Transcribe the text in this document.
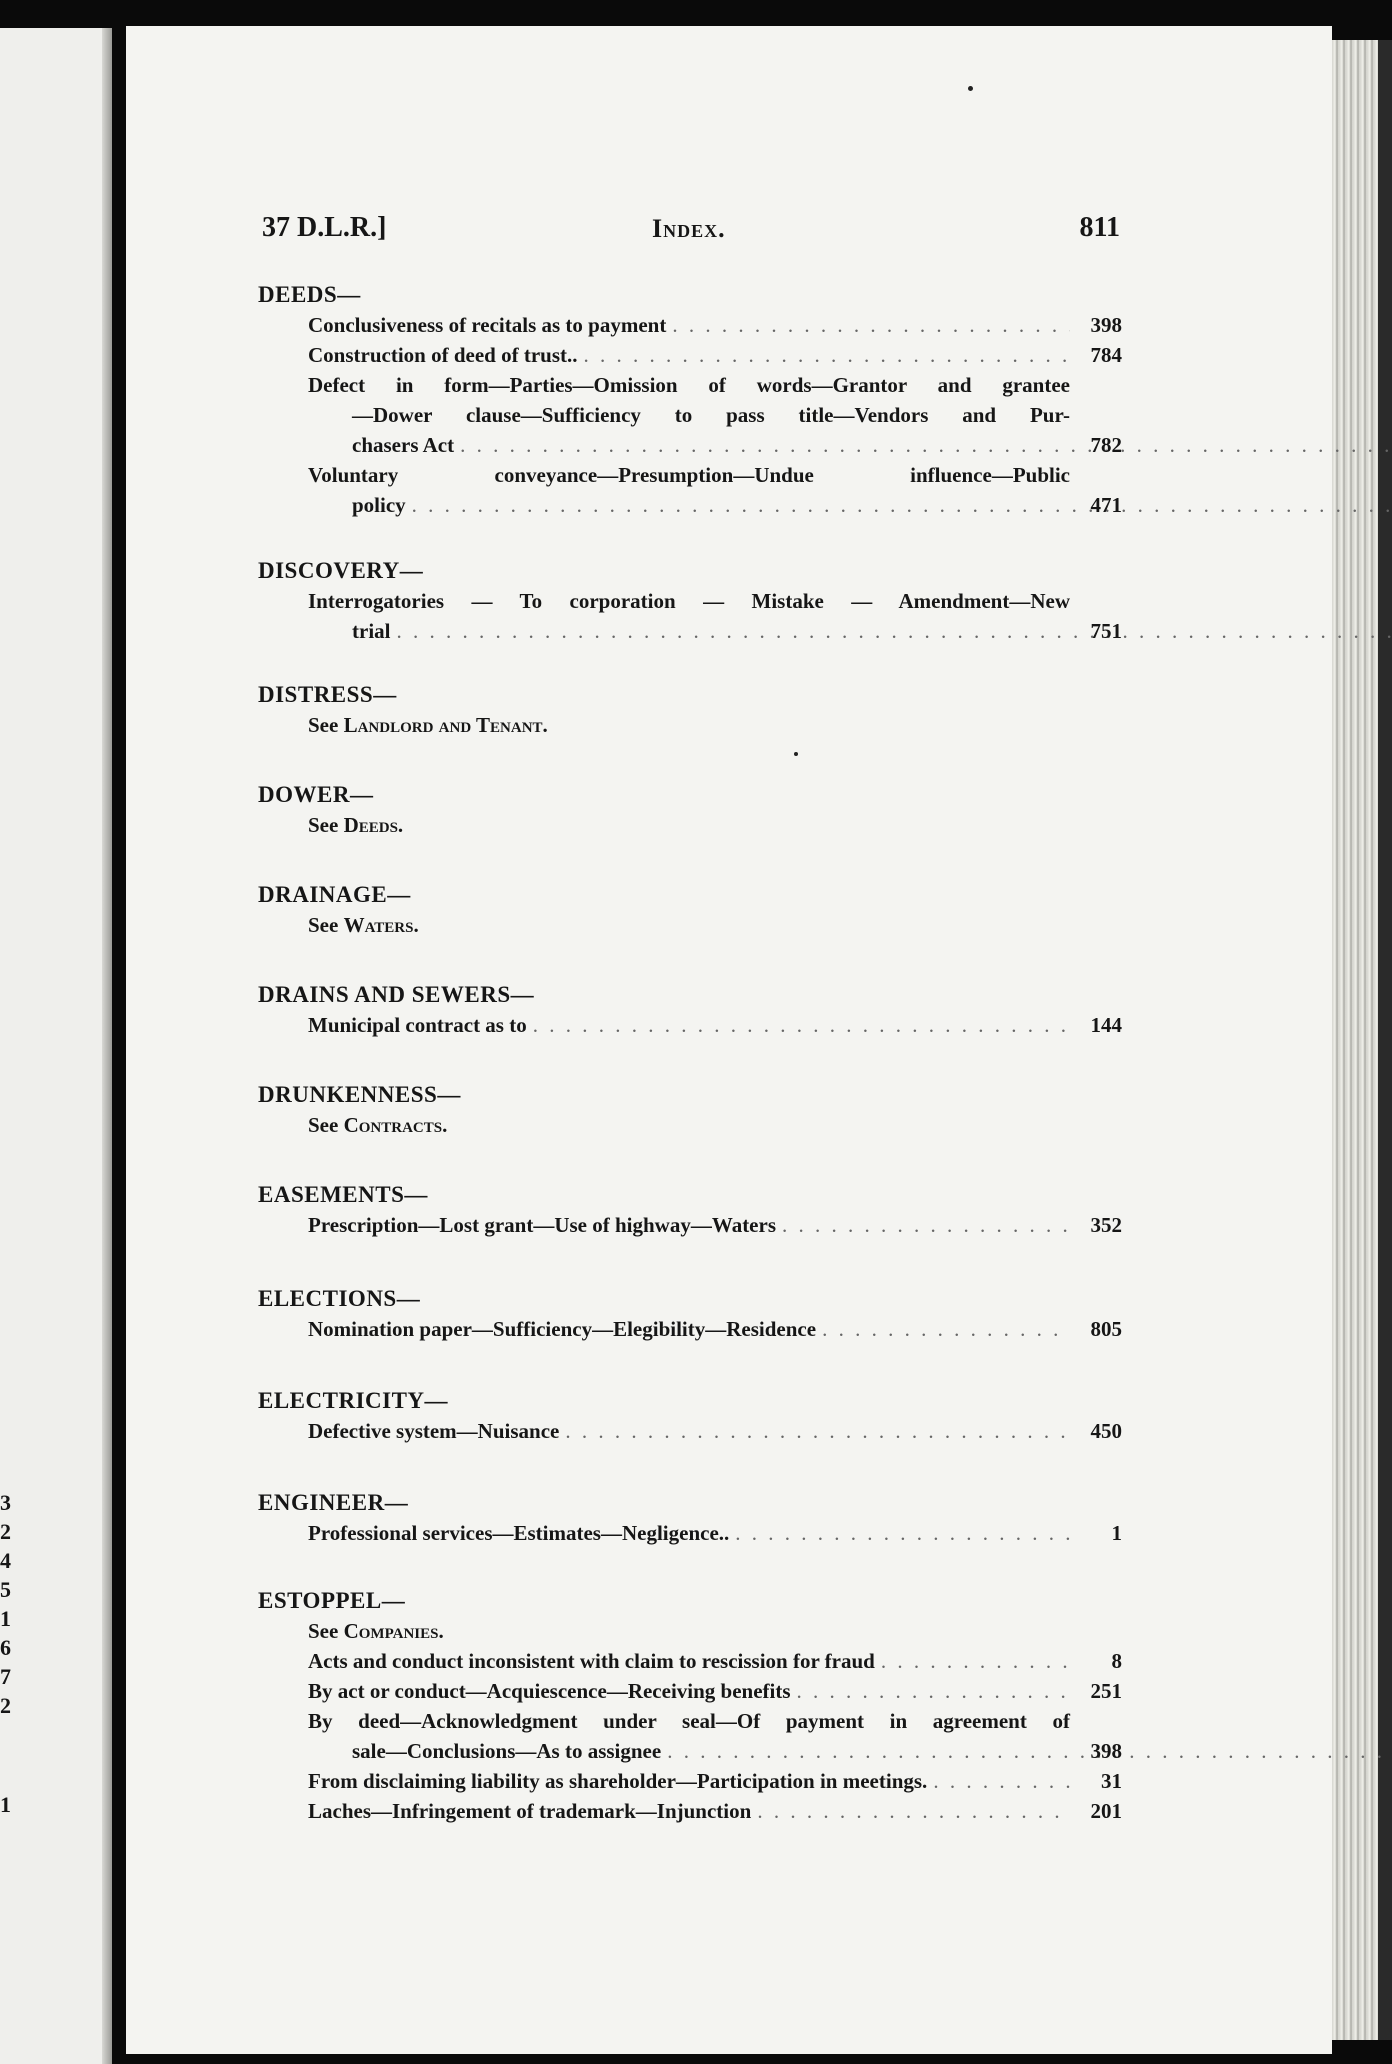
3
2
4
5
1
6
7
2
1
37 D.L.R.]	Index.	811
DEEDS—
Conclusiveness of recitals as to payment . . .	398
Construction of deed of trust.. . . .	784
Defect in form—Parties—Omission of words—Grantor and grantee
—Dower clause—Sufficiency to pass title—Vendors and Pur-
chasers Act . . .	782
Voluntary conveyance—Presumption—Undue influence—Public
policy . . .	471
DISCOVERY—
Interrogatories — To corporation — Mistake — Amendment—New
trial . . .	751
DISTRESS—
See Landlord and Tenant.
DOWER—
See Deeds.
DRAINAGE—
See Waters.
DRAINS AND SEWERS—
Municipal contract as to . . .	144
DRUNKENNESS—
See Contracts.
EASEMENTS—
Prescription—Lost grant—Use of highway—Waters . . .	352
ELECTIONS—
Nomination paper—Sufficiency—Elegibility—Residence . . .	805
ELECTRICITY—
Defective system—Nuisance . . .	450
ENGINEER—
Professional services—Estimates—Negligence.. . . .	1
ESTOPPEL—
See Companies.
Acts and conduct inconsistent with claim to rescission for fraud . . .	8
By act or conduct—Acquiescence—Receiving benefits . . .	251
By deed—Acknowledgment under seal—Of payment in agreement of
sale—Conclusions—As to assignee . . .	398
From disclaiming liability as shareholder—Participation in meetings. . . .	31
Laches—Infringement of trademark—Injunction . . .	201
